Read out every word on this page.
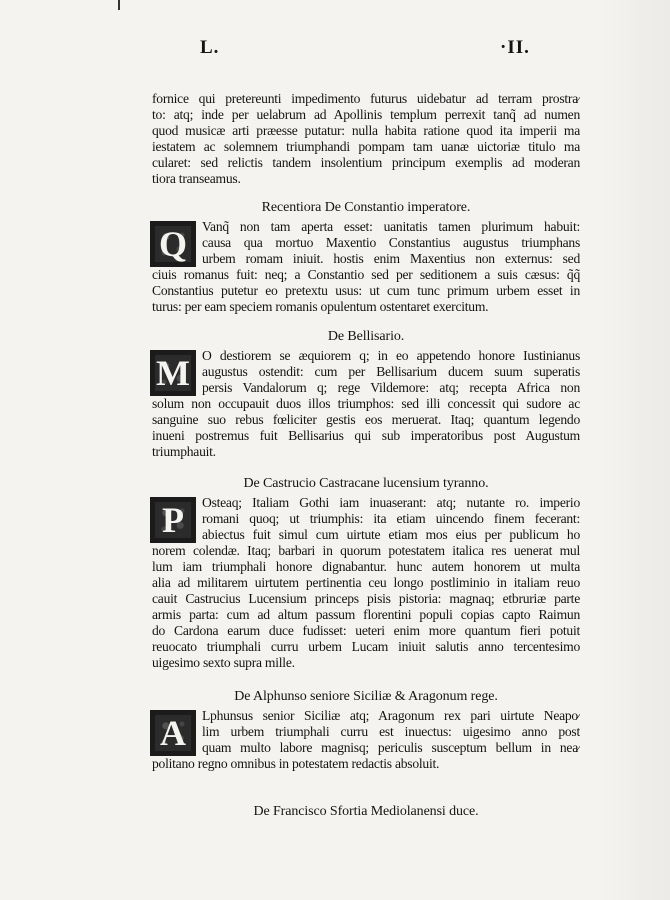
L.	·II.
fornice qui pretereunti impedimento futurus uidebatur ad terram prostra⁄
to: atq; inde per uelabrum ad Apollinis templum perrexit tanq̃ ad numen
quod musicæ arti præesse putatur: nulla habita ratione quod ita imperii ma
iestatem ac solemnem triumphandi pompam tam uanæ uictoriæ titulo ma
cularet: sed relictis tandem insolentium principum exemplis ad moderan
tiora transeamus.
Recentiora De Constantio imperatore.
Q	Vanq̃ non tam aperta esset: uanitatis tamen plurimum habuit:
causa qua mortuo Maxentio Constantius augustus triumphans
urbem romam iniuit. hostis enim Maxentius non externus: sed
ciuis romanus fuit: neq; a Constantio sed per seditionem a suis cæsus: q̃q̃
Constantius putetur eo pretextu usus: ut cum tunc primum urbem esset in
turus: per eam speciem romanis opulentum ostentaret exercitum.
De Bellisario.
M O destiorem se æquiorem q; in eo appetendo honore Iustinianus
augustus ostendit: cum per Bellisarium ducem suum superatis
persis Vandalorum q; rege Vildemore: atq; recepta Africa non
solum non occupauit duos illos triumphos: sed illi concessit qui sudore ac
sanguine suo rebus fœliciter gestis eos meruerat. Itaq; quantum legendo
inueni postremus fuit Bellisarius qui sub imperatoribus post Augustum
triumphauit.
De Castrucio Castracane lucensium tyranno.
P	Osteaq; Italiam Gothi iam inuaserant: atq; nutante ro. imperio
romani quoq; ut triumphis: ita etiam uincendo finem fecerant:
abiectus fuit simul cum uirtute etiam mos eius per publicum ho
norem colendæ. Itaq; barbari in quorum potestatem italica res uenerat mul
lum iam triumphali honore dignabantur. hunc autem honorem ut multa
alia ad militarem uirtutem pertinentia ceu longo postliminio in italiam reuo
cauit Castrucius Lucensium princeps pisis pistoria: magnaq; etbruriæ parte
armis parta: cum ad altum passum florentini populi copias capto Raimun
do Cardona earum duce fudisset: ueteri enim more quantum fieri potuit
reuocato triumphali curru urbem Lucam iniuit salutis anno tercentesimo
uigesimo sexto supra mille.
De Alphunso seniore Siciliæ & Aragonum rege.
A	Lphunsus senior Siciliæ atq; Aragonum rex pari uirtute Neapo⁄
lim urbem triumphali curru est inuectus: uigesimo anno post
quam multo labore magnisq; periculis susceptum bellum in nea⁄
politano regno omnibus in potestatem redactis absoluit.
De Francisco Sfortia Mediolanensi duce.
